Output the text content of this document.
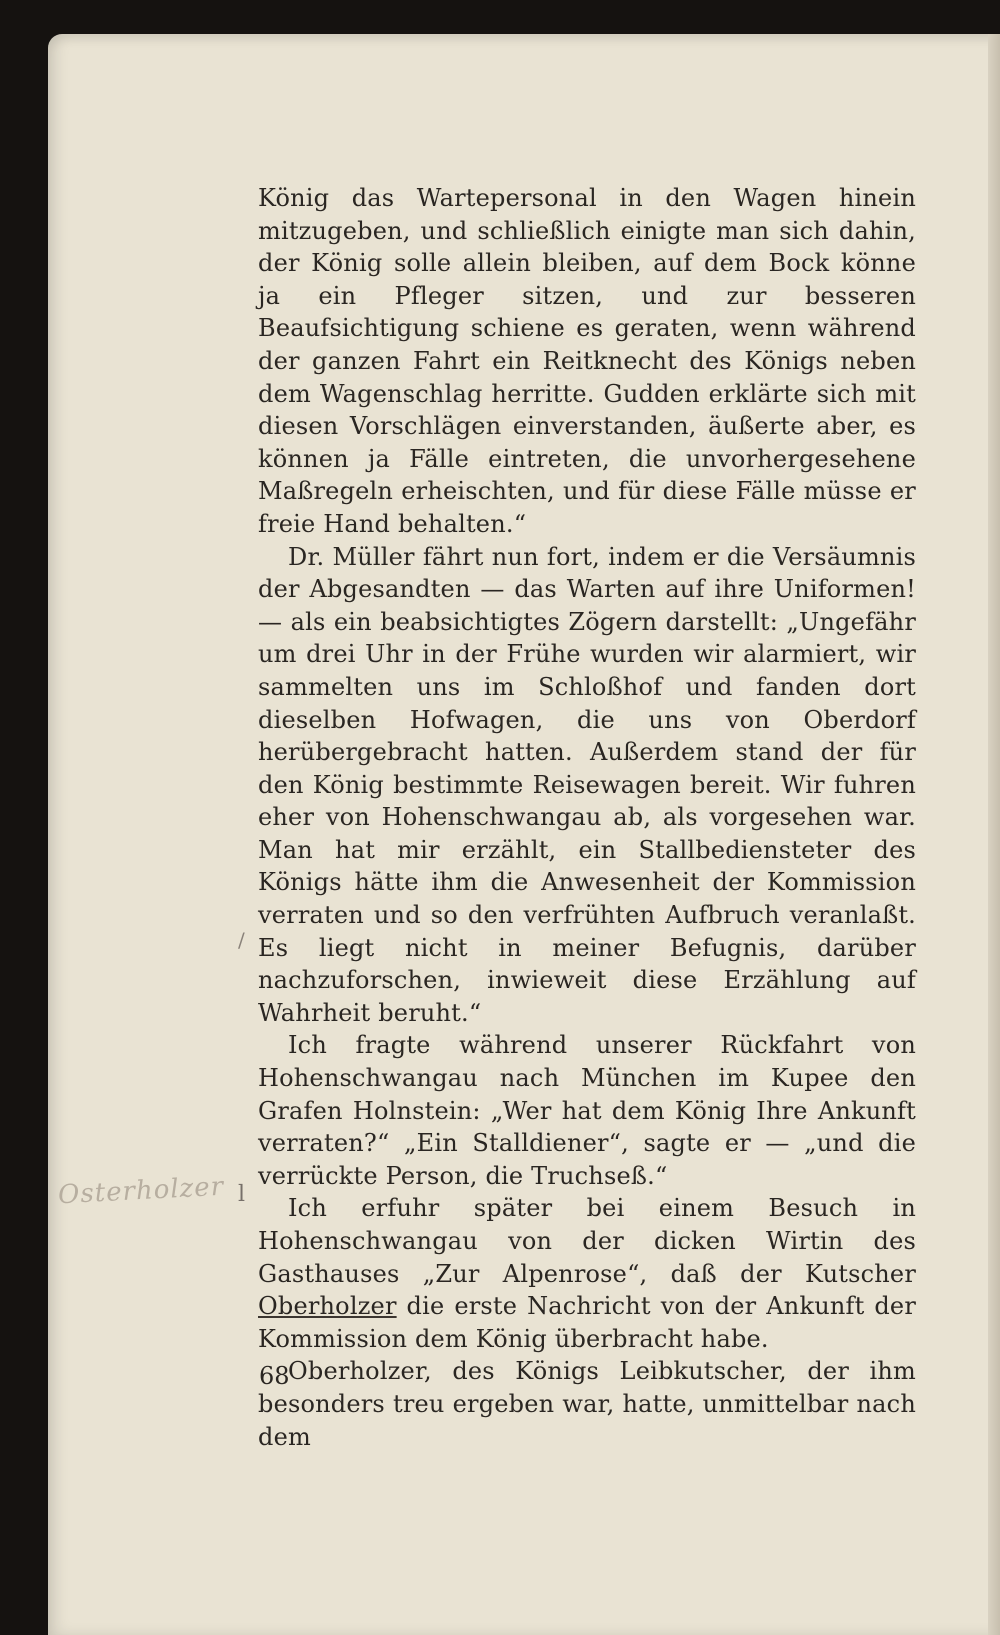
Osterholzer l
/

König das Wartepersonal in den Wagen hinein mitzugeben, und schließlich einigte man sich dahin, der König solle allein bleiben, auf dem Bock könne ja ein Pfleger sitzen, und zur besseren Beaufsichtigung schiene es geraten, wenn während der ganzen Fahrt ein Reitknecht des Königs neben dem Wagenschlag herritte. Gudden erklärte sich mit diesen Vorschlägen einverstanden, äußerte aber, es können ja Fälle eintreten, die unvorhergesehene Maßregeln erheischten, und für diese Fälle müsse er freie Hand behalten.“

Dr. Müller fährt nun fort, indem er die Versäumnis der Abgesandten — das Warten auf ihre Uniformen! — als ein beabsichtigtes Zögern darstellt: „Ungefähr um drei Uhr in der Frühe wurden wir alarmiert, wir sammelten uns im Schloßhof und fanden dort dieselben Hofwagen, die uns von Oberdorf herübergebracht hatten. Außerdem stand der für den König bestimmte Reisewagen bereit. Wir fuhren eher von Hohenschwangau ab, als vorgesehen war. Man hat mir erzählt, ein Stallbediensteter des Königs hätte ihm die Anwesenheit der Kommission verraten und so den verfrühten Aufbruch veranlaßt. Es liegt nicht in meiner Befugnis, darüber nachzuforschen, inwieweit diese Erzählung auf Wahrheit beruht.“

Ich fragte während unserer Rückfahrt von Hohenschwangau nach München im Kupee den Grafen Holnstein: „Wer hat dem König Ihre Ankunft verraten?“ „Ein Stalldiener“, sagte er — „und die verrückte Person, die Truchseß.“

Ich erfuhr später bei einem Besuch in Hohenschwangau von der dicken Wirtin des Gasthauses „Zur Alpenrose“, daß der Kutscher Oberholzer die erste Nachricht von der Ankunft der Kommission dem König überbracht habe.

Oberholzer, des Königs Leibkutscher, der ihm besonders treu ergeben war, hatte, unmittelbar nach dem

68
